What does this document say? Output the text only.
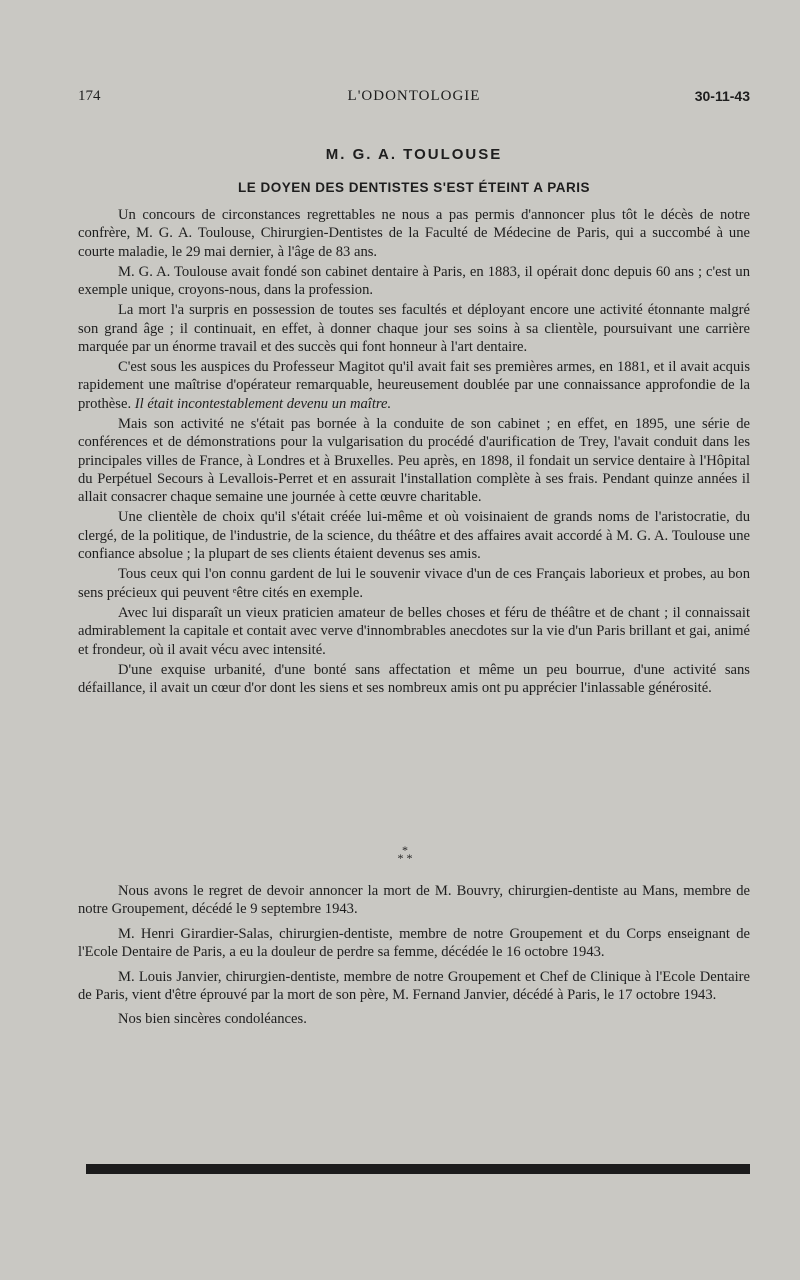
174	L'ODONTOLOGIE	30-11-43
M. G. A. TOULOUSE
LE DOYEN DES DENTISTES S'EST ÉTEINT A PARIS

Un concours de circonstances regrettables ne nous a pas permis d'annoncer plus tôt le décès de notre confrère, M. G. A. Toulouse, Chirurgien-Dentistes de la Faculté de Médecine de Paris, qui a succombé à une courte maladie, le 29 mai dernier, à l'âge de 83 ans.

M. G. A. Toulouse avait fondé son cabinet dentaire à Paris, en 1883, il opérait donc depuis 60 ans ; c'est un exemple unique, croyons-nous, dans la profession.

La mort l'a surpris en possession de toutes ses facultés et déployant encore une activité étonnante malgré son grand âge ; il continuait, en effet, à donner chaque jour ses soins à sa clientèle, poursuivant une carrière marquée par un énorme travail et des succès qui font honneur à l'art dentaire.

C'est sous les auspices du Professeur Magitot qu'il avait fait ses premières armes, en 1881, et il avait acquis rapidement une maîtrise d'opérateur remarquable, heureusement doublée par une connaissance approfondie de la prothèse. Il était incontestablement devenu un maître.

Mais son activité ne s'était pas bornée à la conduite de son cabinet ; en effet, en 1895, une série de conférences et de démonstrations pour la vulgarisation du procédé d'aurification de Trey, l'avait conduit dans les principales villes de France, à Londres et à Bruxelles. Peu après, en 1898, il fondait un service dentaire à l'Hôpital du Perpétuel Secours à Levallois-Perret et en assurait l'installation complète à ses frais. Pendant quinze années il allait consacrer chaque semaine une journée à cette œuvre charitable.

Une clientèle de choix qu'il s'était créée lui-même et où voisinaient de grands noms de l'aristocratie, du clergé, de la politique, de l'industrie, de la science, du théâtre et des affaires avait accordé à M. G. A. Toulouse une confiance absolue ; la plupart de ses clients étaient devenus ses amis.

Tous ceux qui l'on connu gardent de lui le souvenir vivace d'un de ces Français laborieux et probes, au bon sens précieux qui peuvent ᵉêtre cités en exemple.

Avec lui disparaît un vieux praticien amateur de belles choses et féru de théâtre et de chant ; il connaissait admirablement la capitale et contait avec verve d'innombrables anecdotes sur la vie d'un Paris brillant et gai, animé et frondeur, où il avait vécu avec intensité.

D'une exquise urbanité, d'une bonté sans affectation et même un peu bourrue, d'une activité sans défaillance, il avait un cœur d'or dont les siens et ses nombreux amis ont pu apprécier l'inlassable générosité.

*
* *

Nous avons le regret de devoir annoncer la mort de M. Bouvry, chirurgien-dentiste au Mans, membre de notre Groupement, décédé le 9 septembre 1943.

M. Henri Girardier-Salas, chirurgien-dentiste, membre de notre Groupement et du Corps enseignant de l'Ecole Dentaire de Paris, a eu la douleur de perdre sa femme, décédée le 16 octobre 1943.

M. Louis Janvier, chirurgien-dentiste, membre de notre Groupement et Chef de Clinique à l'Ecole Dentaire de Paris, vient d'être éprouvé par la mort de son père, M. Fernand Janvier, décédé à Paris, le 17 octobre 1943.

Nos bien sincères condoléances.
